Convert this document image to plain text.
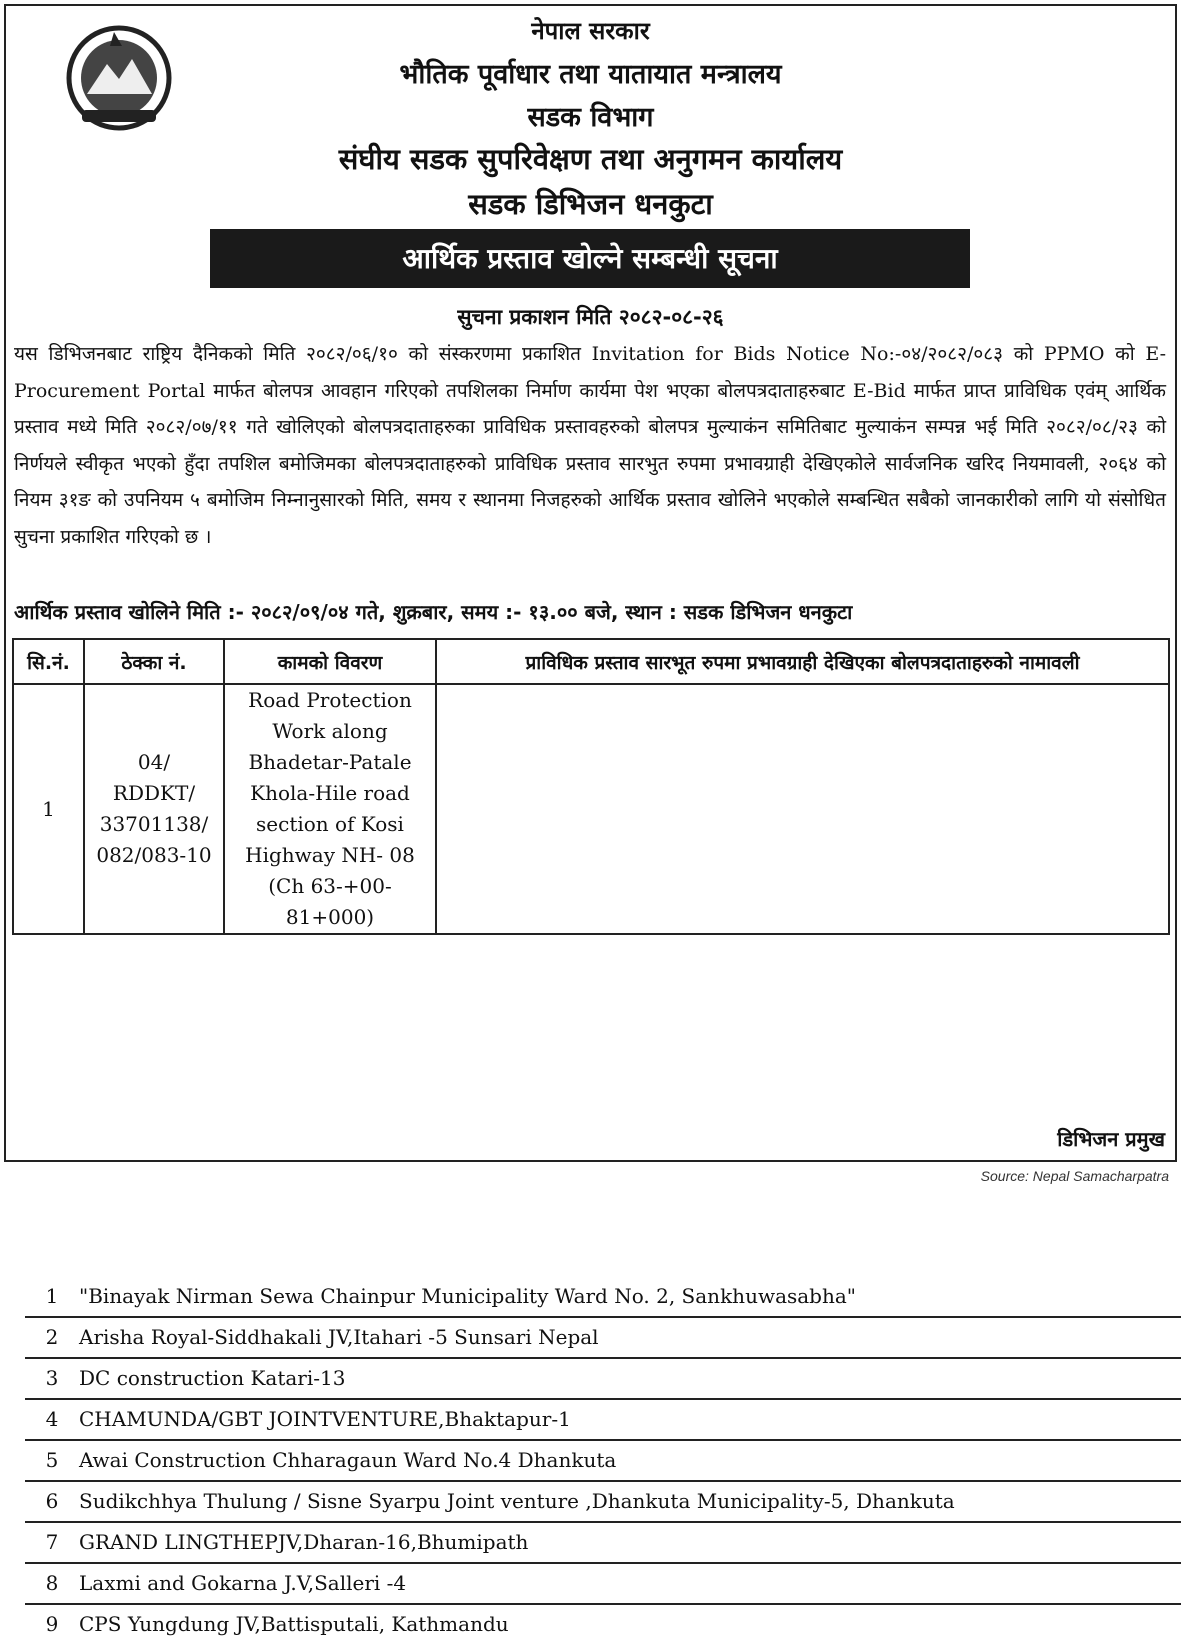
नेपाल सरकार
भौतिक पूर्वाधार तथा यातायात मन्त्रालय
सडक विभाग
संघीय सडक सुपरिवेक्षण तथा अनुगमन कार्यालय
सडक डिभिजन धनकुटा
आर्थिक प्रस्ताव खोल्ने सम्बन्धी सूचना
सुचना प्रकाशन मिति २०८२-०८-२६
यस डिभिजनबाट राष्ट्रिय दैनिकको मिति २०८२/०६/१० को संस्करणमा प्रकाशित Invitation for Bids Notice No:-०४/२०८२/०८३ को PPMO को E-Procurement Portal मार्फत बोलपत्र आवहान गरिएको तपशिलका निर्माण कार्यमा पेश भएका बोलपत्रदाताहरुबाट E-Bid मार्फत प्राप्त प्राविधिक एवंम् आर्थिक प्रस्ताव मध्ये मिति २०८२/०७/११ गते खोलिएको बोलपत्रदाताहरुका प्राविधिक प्रस्तावहरुको बोलपत्र मुल्याकंन समितिबाट मुल्याकंन सम्पन्न भई मिति २०८२/०८/२३ को निर्णयले स्वीकृत भएको हुँदा तपशिल बमोजिमका बोलपत्रदाताहरुको प्राविधिक प्रस्ताव सारभुत रुपमा प्रभावग्राही देखिएकोले सार्वजनिक खरिद नियमावली, २०६४ को नियम ३१ङ को उपनियम ५ बमोजिम निम्नानुसारको मिति, समय र स्थानमा निजहरुको आर्थिक प्रस्ताव खोलिने भएकोले सम्बन्धित सबैको जानकारीको लागि यो संसोधित सुचना प्रकाशित गरिएको छ ।
आर्थिक प्रस्ताव खोलिने मिति :- २०८२/०९/०४ गते, शुक्रबार, समय :- १३.०० बजे, स्थान : सडक डिभिजन धनकुटा
सि.नं.	ठेक्का नं.	कामको विवरण	प्राविधिक प्रस्ताव सारभूत रुपमा प्रभावग्राही देखिएका बोलपत्रदाताहरुको नामावली
1	04/
RDDKT/
33701138/
082/083-10	Road Protection Work along Bhadetar-Patale Khola-Hile road section of Kosi Highway NH- 08 (Ch 63-+00-81+000)	
1	"Binayak Nirman Sewa Chainpur Municipality Ward No. 2, Sankhuwasabha"
2	Arisha Royal-Siddhakali JV,Itahari -5 Sunsari Nepal
3	DC construction Katari-13
4	CHAMUNDA/GBT JOINTVENTURE,Bhaktapur-1
5	Awai Construction Chharagaun Ward No.4 Dhankuta
6	Sudikchhya Thulung / Sisne Syarpu Joint venture ,Dhankuta Municipality-5, Dhankuta
7	GRAND LINGTHEPJV,Dharan-16,Bhumipath
8	Laxmi and Gokarna J.V,Salleri -4
9	CPS Yungdung JV,Battisputali, Kathmandu
डिभिजन प्रमुख
Source: Nepal Samacharpatra
